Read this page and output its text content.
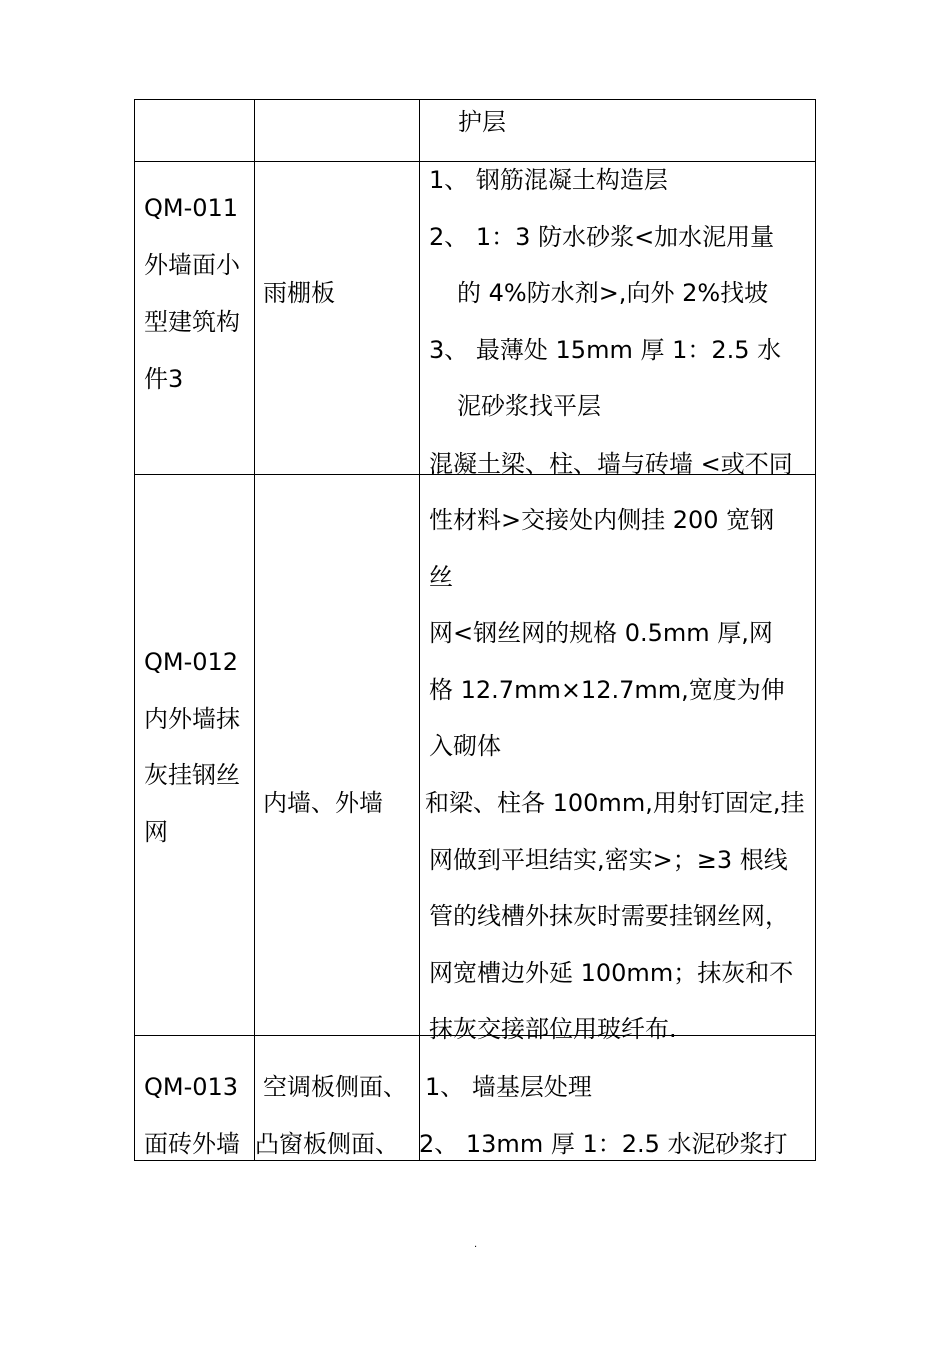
护层
QM-011
外墙面小
型建筑构
件3
雨棚板
1、 钢筋混凝土构造层
2、 1：3 防水砂浆<加水泥用量
的 4%防水剂>,向外 2%找坡
3、 最薄处 15mm 厚 1：2.5 水
泥砂浆找平层
QM-012
内外墙抹
灰挂钢丝
网
内墙、外墙
混凝土梁、柱、墙与砖墙 <或不同
性材料>交接处内侧挂 200 宽钢
丝
网<钢丝网的规格 0.5mm 厚,网
格 12.7mm×12.7mm,宽度为伸
入砌体
和梁、柱各 100mm,用射钉固定,挂
网做到平坦结实,密实>；≥3 根线
管的线槽外抹灰时需要挂钢丝网，
网宽槽边外延 100mm；抹灰和不
抹灰交接部位用玻纤布.
QM-013
面砖外墙
空调板侧面、
凸窗板侧面、
1、 墙基层处理
2、 13mm 厚 1：2.5 水泥砂浆打
.
